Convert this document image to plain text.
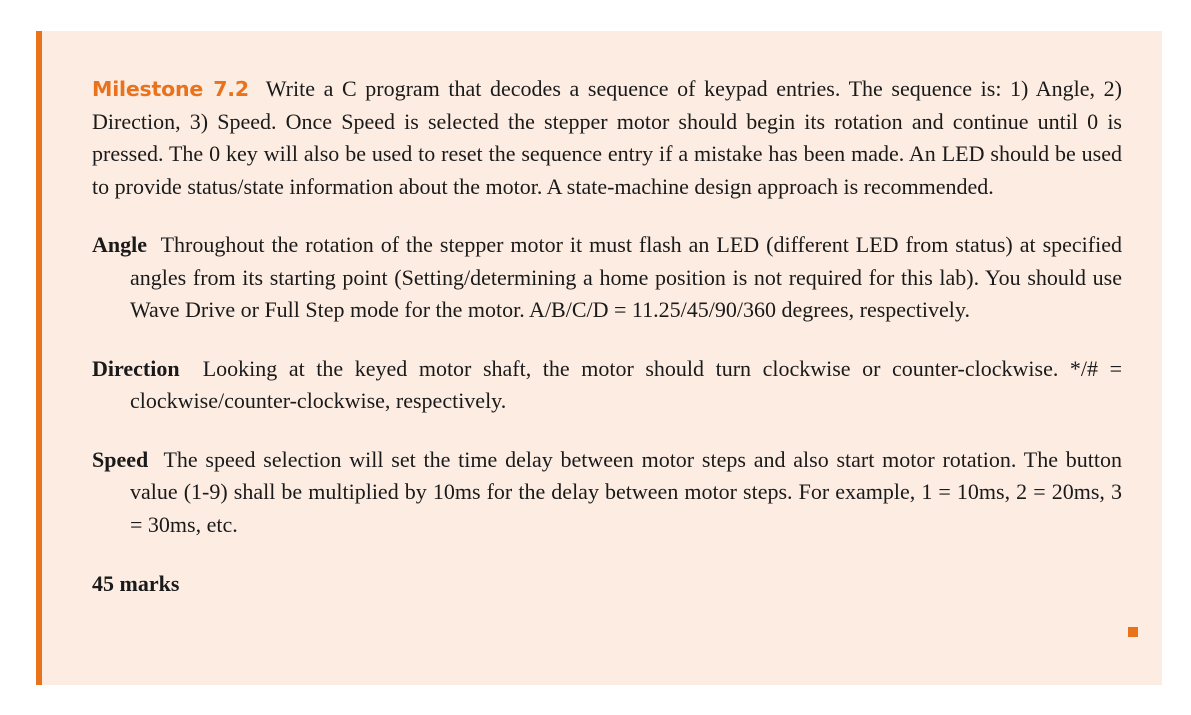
Milestone 7.2 Write a C program that decodes a sequence of keypad entries. The sequence is: 1) Angle, 2) Direction, 3) Speed. Once Speed is selected the stepper motor should begin its rotation and continue until 0 is pressed. The 0 key will also be used to reset the sequence entry if a mistake has been made. An LED should be used to provide status/state information about the motor. A state-machine design approach is recommended.

Angle Throughout the rotation of the stepper motor it must flash an LED (different LED from status) at specified angles from its starting point (Setting/determining a home position is not required for this lab). You should use Wave Drive or Full Step mode for the motor. A/B/C/D = 11.25/45/90/360 degrees, respectively.

Direction Looking at the keyed motor shaft, the motor should turn clockwise or counter-clockwise. */# = clockwise/counter-clockwise, respectively.

Speed The speed selection will set the time delay between motor steps and also start motor rotation. The button value (1-9) shall be multiplied by 10ms for the delay between motor steps. For example, 1 = 10ms, 2 = 20ms, 3 = 30ms, etc.

45 marks
